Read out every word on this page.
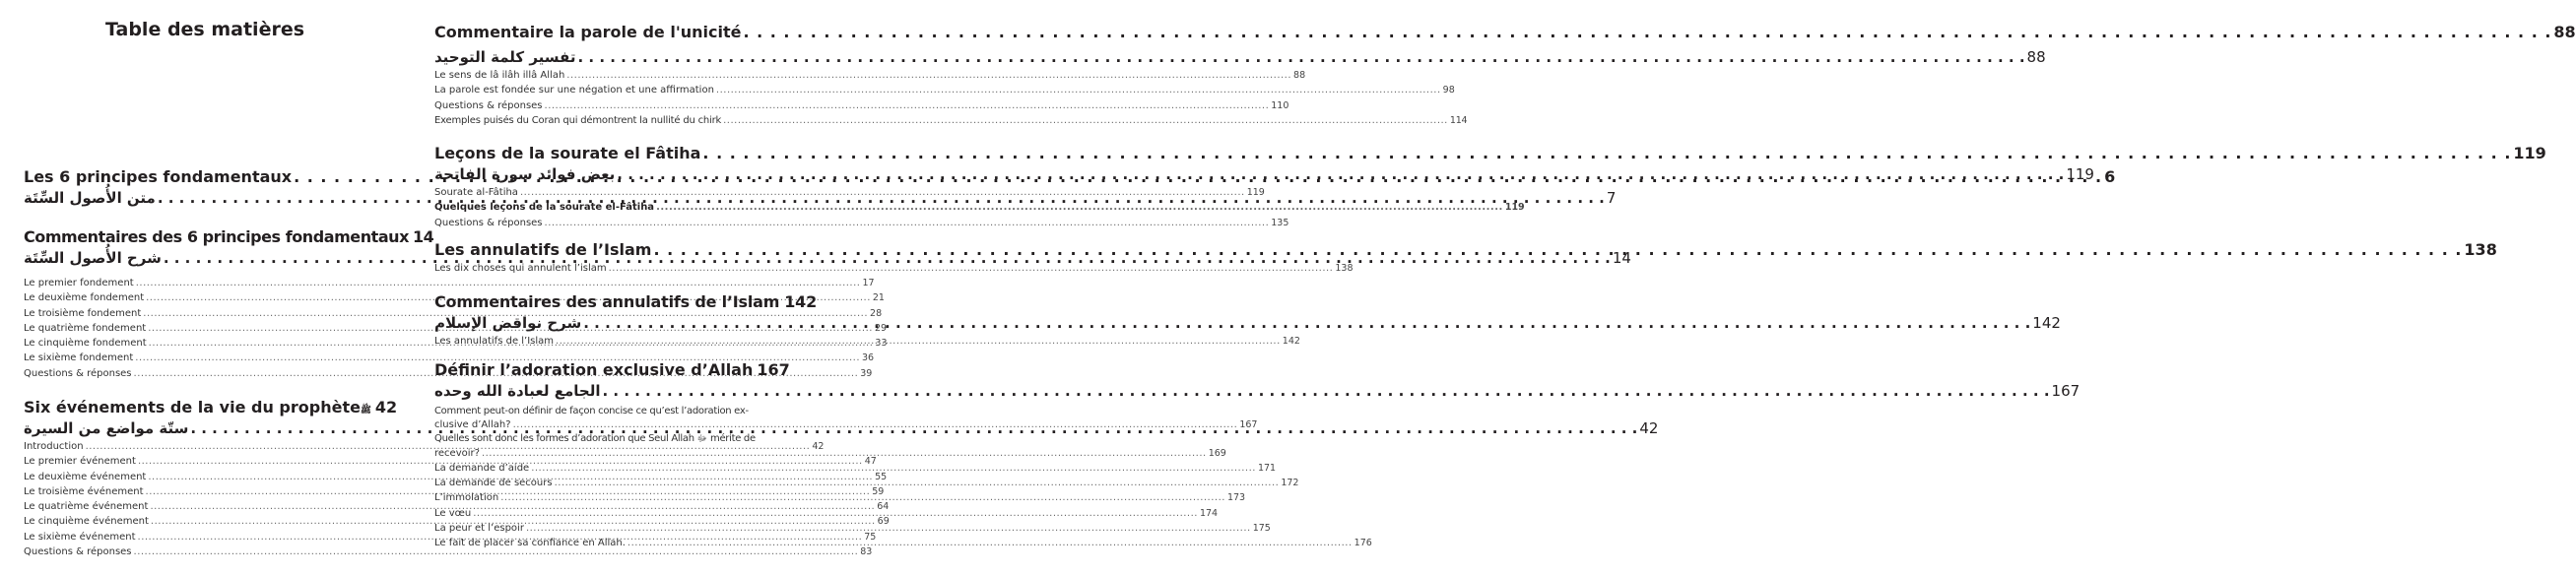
Table des matières
Les 6 principes fondamentaux . . .	6
متن الأُصول السِّتَة . . .	7
Commentaires des 6 principes fondamentaux 14
شرح الأُصول السِّتَة . . .	14
Le premier fondement .....	17
Le deuxième fondement .....	21
Le troisième fondement .....	28
Le quatrième fondement .....	29
Le cinquième fondement .....	33
Le sixième fondement .....	36
Questions & réponses .....	39
Six événements de la vie du prophète ﷺ 42
ستّة مواضع من السيرة . . .	42
Introduction .....	42
Le premier événement .....	47
Le deuxième événement .....	55
Le troisième événement .....	59
Le quatrième événement .....	64
Le cinquième événement .....	69
Le sixième événement .....	75
Questions & réponses .....	83
Commentaire la parole de l'unicité . . .	88
تفسير كلمة التوحيد . . .	88
Le sens de lâ ilâh illâ Allah .....	88
La parole est fondée sur une négation et une affirmation .....	98
Questions & réponses .....	110
Exemples puisés du Coran qui démontrent la nullité du chirk .....	114
Leçons de la sourate el Fâtiha . . .	119
بعض فوائد سورة الفاتحة . . .	119
Sourate al-Fâtiha .....	119
Quelques leçons de la sourate el-Fâtiha .....	119
Questions & réponses .....	135
Les annulatifs de l’Islam . . .	138
Les dix choses qui annulent l’islam .....	138
Commentaires des annulatifs de l’Islam 142
شرح نواقض الإسلام . . .	142
Les annulatifs de l’Islam .....	142
Définir l’adoration exclusive d’Allah 167
الجامع لعبادة الله وحده . . .	167
Comment peut-on définir de façon concise ce qu’est l’adoration ex-
clusive d’Allah? .....	167
Quelles sont donc les formes d’adoration que Seul Allah ﷻ mérite de
recevoir? .....	169
La demande d’aide .....	171
La demande de secours .....	172
L’immolation .....	173
Le vœu .....	174
La peur et l’espoir .....	175
Le fait de placer sa confiance en Allah. .....	176
